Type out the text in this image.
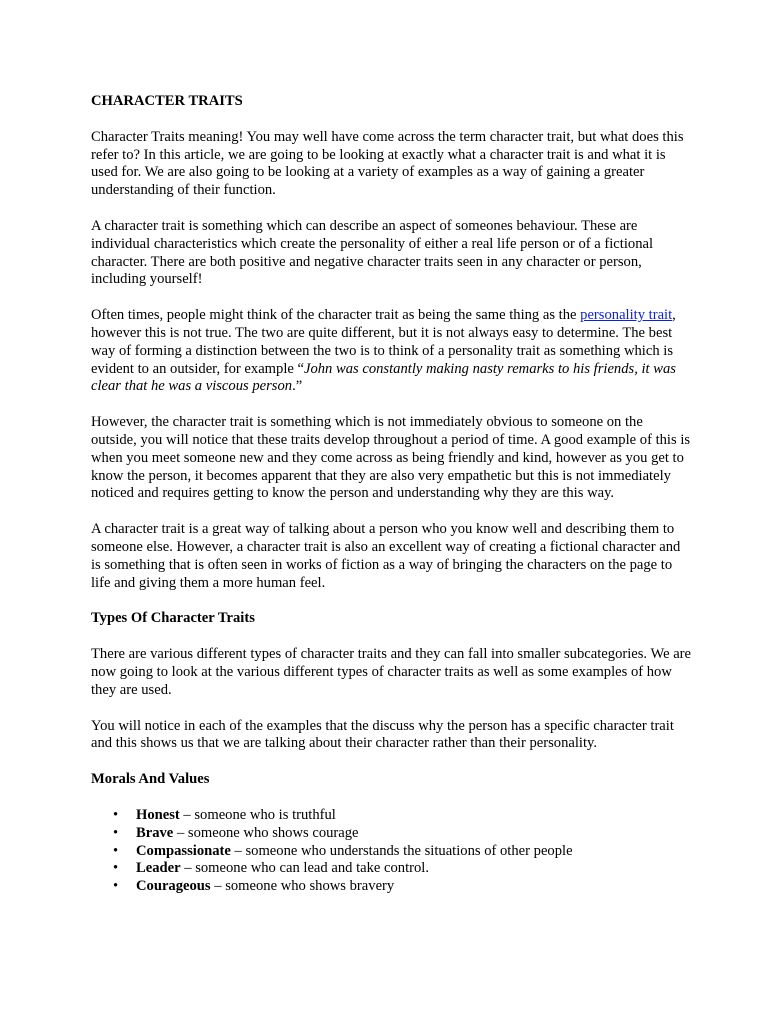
CHARACTER TRAITS

Character Traits meaning! You may well have come across the term character trait, but what does this refer to? In this article, we are going to be looking at exactly what a character trait is and what it is used for. We are also going to be looking at a variety of examples as a way of gaining a greater understanding of their function.

A character trait is something which can describe an aspect of someones behaviour. These are individual characteristics which create the personality of either a real life person or of a fictional character. There are both positive and negative character traits seen in any character or person, including yourself!

Often times, people might think of the character trait as being the same thing as the personality trait, however this is not true. The two are quite different, but it is not always easy to determine. The best way of forming a distinction between the two is to think of a personality trait as something which is evident to an outsider, for example “John was constantly making nasty remarks to his friends, it was clear that he was a viscous person.”

However, the character trait is something which is not immediately obvious to someone on the outside, you will notice that these traits develop throughout a period of time. A good example of this is when you meet someone new and they come across as being friendly and kind, however as you get to know the person, it becomes apparent that they are also very empathetic but this is not immediately noticed and requires getting to know the person and understanding why they are this way.

A character trait is a great way of talking about a person who you know well and describing them to someone else. However, a character trait is also an excellent way of creating a fictional character and is something that is often seen in works of fiction as a way of bringing the characters on the page to life and giving them a more human feel.

Types Of Character Traits

There are various different types of character traits and they can fall into smaller subcategories. We are now going to look at the various different types of character traits as well as some examples of how they are used.

You will notice in each of the examples that the discuss why the person has a specific character trait and this shows us that we are talking about their character rather than their personality.

Morals And Values

• Honest – someone who is truthful
• Brave – someone who shows courage
• Compassionate – someone who understands the situations of other people
• Leader – someone who can lead and take control.
• Courageous – someone who shows bravery
